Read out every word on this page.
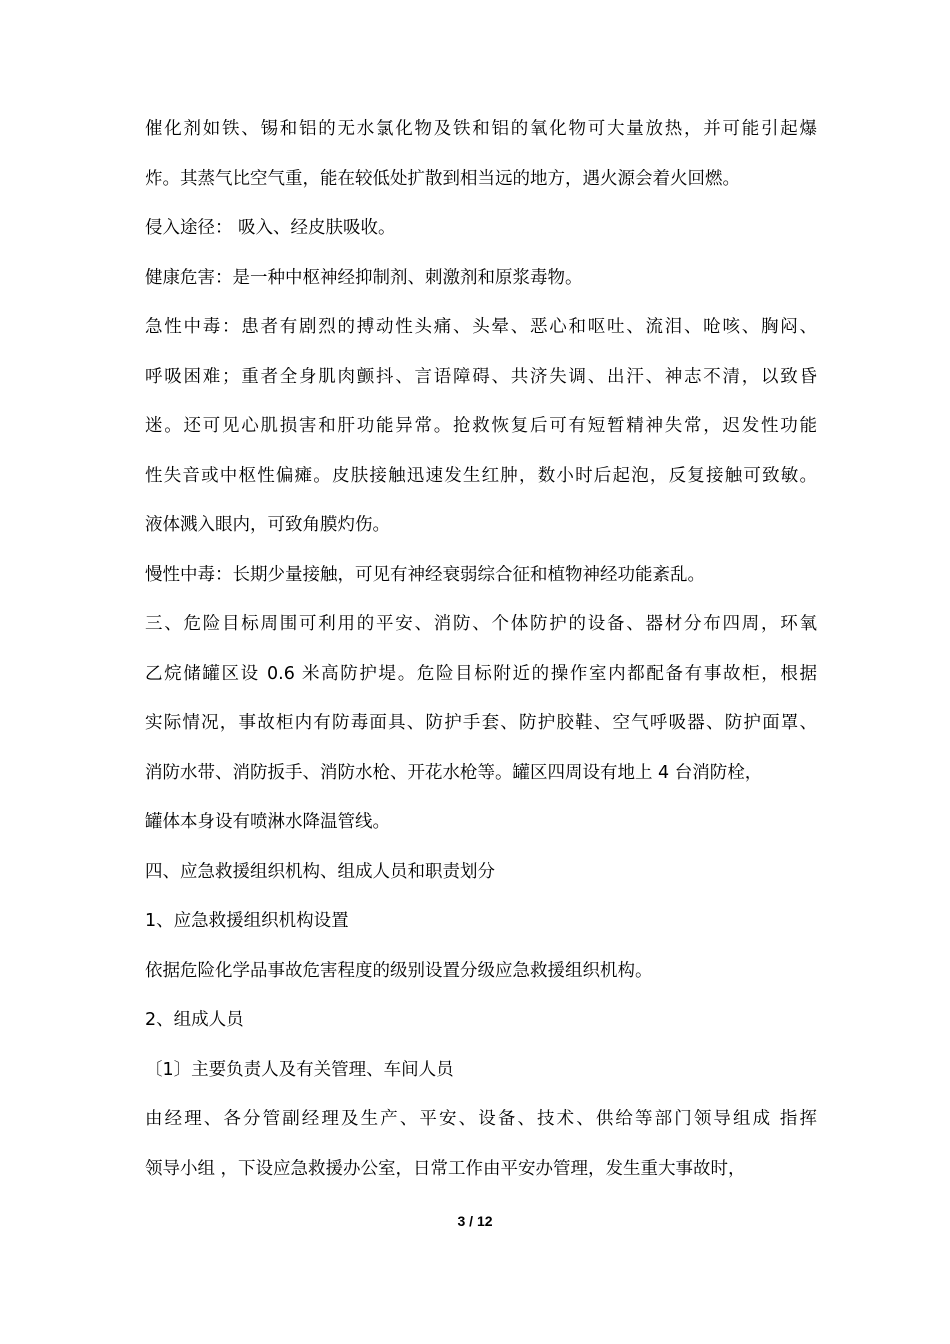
催化剂如铁、锡和铝的无水氯化物及铁和铝的氧化物可大量放热，并可能引起爆
炸。其蒸气比空气重，能在较低处扩散到相当远的地方，遇火源会着火回燃。
侵入途径： 吸入、经皮肤吸收。
健康危害：是一种中枢神经抑制剂、刺激剂和原浆毒物。
急性中毒：患者有剧烈的搏动性头痛、头晕、恶心和呕吐、流泪、呛咳、胸闷、
呼吸困难；重者全身肌肉颤抖、言语障碍、共济失调、出汗、神志不清，以致昏
迷。还可见心肌损害和肝功能异常。抢救恢复后可有短暂精神失常，迟发性功能
性失音或中枢性偏瘫。皮肤接触迅速发生红肿，数小时后起泡，反复接触可致敏。
液体溅入眼内，可致角膜灼伤。
慢性中毒：长期少量接触，可见有神经衰弱综合征和植物神经功能紊乱。
三、危险目标周围可利用的平安、消防、个体防护的设备、器材分布四周，环氧
乙烷储罐区设 0.6 米高防护堤。危险目标附近的操作室内都配备有事故柜，根据
实际情况，事故柜内有防毒面具、防护手套、防护胶鞋、空气呼吸器、防护面罩、
消防水带、消防扳手、消防水枪、开花水枪等。罐区四周设有地上 4 台消防栓，
罐体本身设有喷淋水降温管线。
四、应急救援组织机构、组成人员和职责划分
1、应急救援组织机构设置
依据危险化学品事故危害程度的级别设置分级应急救援组织机构。
2、组成人员
〔1〕主要负责人及有关管理、车间人员
由经理、各分管副经理及生产、平安、设备、技术、供给等部门领导组成 指挥
领导小组 ，下设应急救援办公室，日常工作由平安办管理，发生重大事故时，
3 / 12
